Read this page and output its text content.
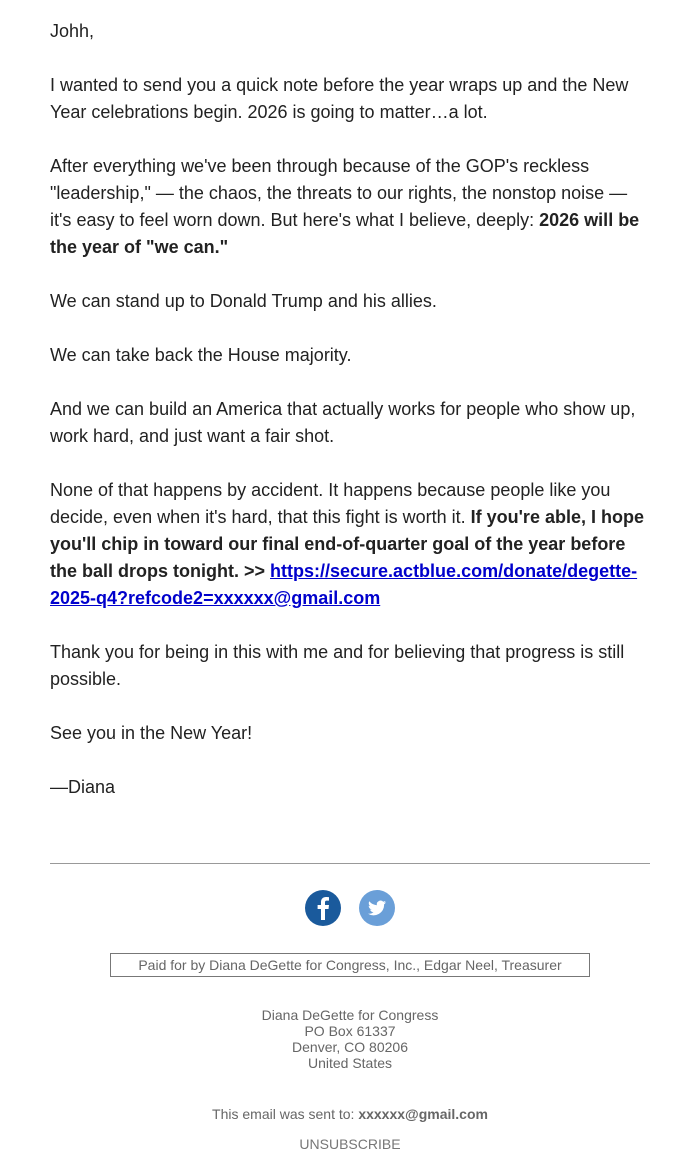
Johh,

I wanted to send you a quick note before the year wraps up and the New Year celebrations begin. 2026 is going to matter…a lot.

After everything we've been through because of the GOP's reckless "leadership," — the chaos, the threats to our rights, the nonstop noise — it's easy to feel worn down. But here's what I believe, deeply: 2026 will be the year of "we can."

We can stand up to Donald Trump and his allies.

We can take back the House majority.

And we can build an America that actually works for people who show up, work hard, and just want a fair shot.

None of that happens by accident. It happens because people like you decide, even when it's hard, that this fight is worth it. If you're able, I hope you'll chip in toward our final end-of-quarter goal of the year before the ball drops tonight. >> https://secure.actblue.com/donate/degette-2025-q4?refcode2=xxxxxx@gmail.com

Thank you for being in this with me and for believing that progress is still possible.

See you in the New Year!

—Diana

Paid for by Diana DeGette for Congress, Inc., Edgar Neel, Treasurer
Diana DeGette for Congress
PO Box 61337
Denver, CO 80206
United States
This email was sent to: xxxxxx@gmail.com
UNSUBSCRIBE
